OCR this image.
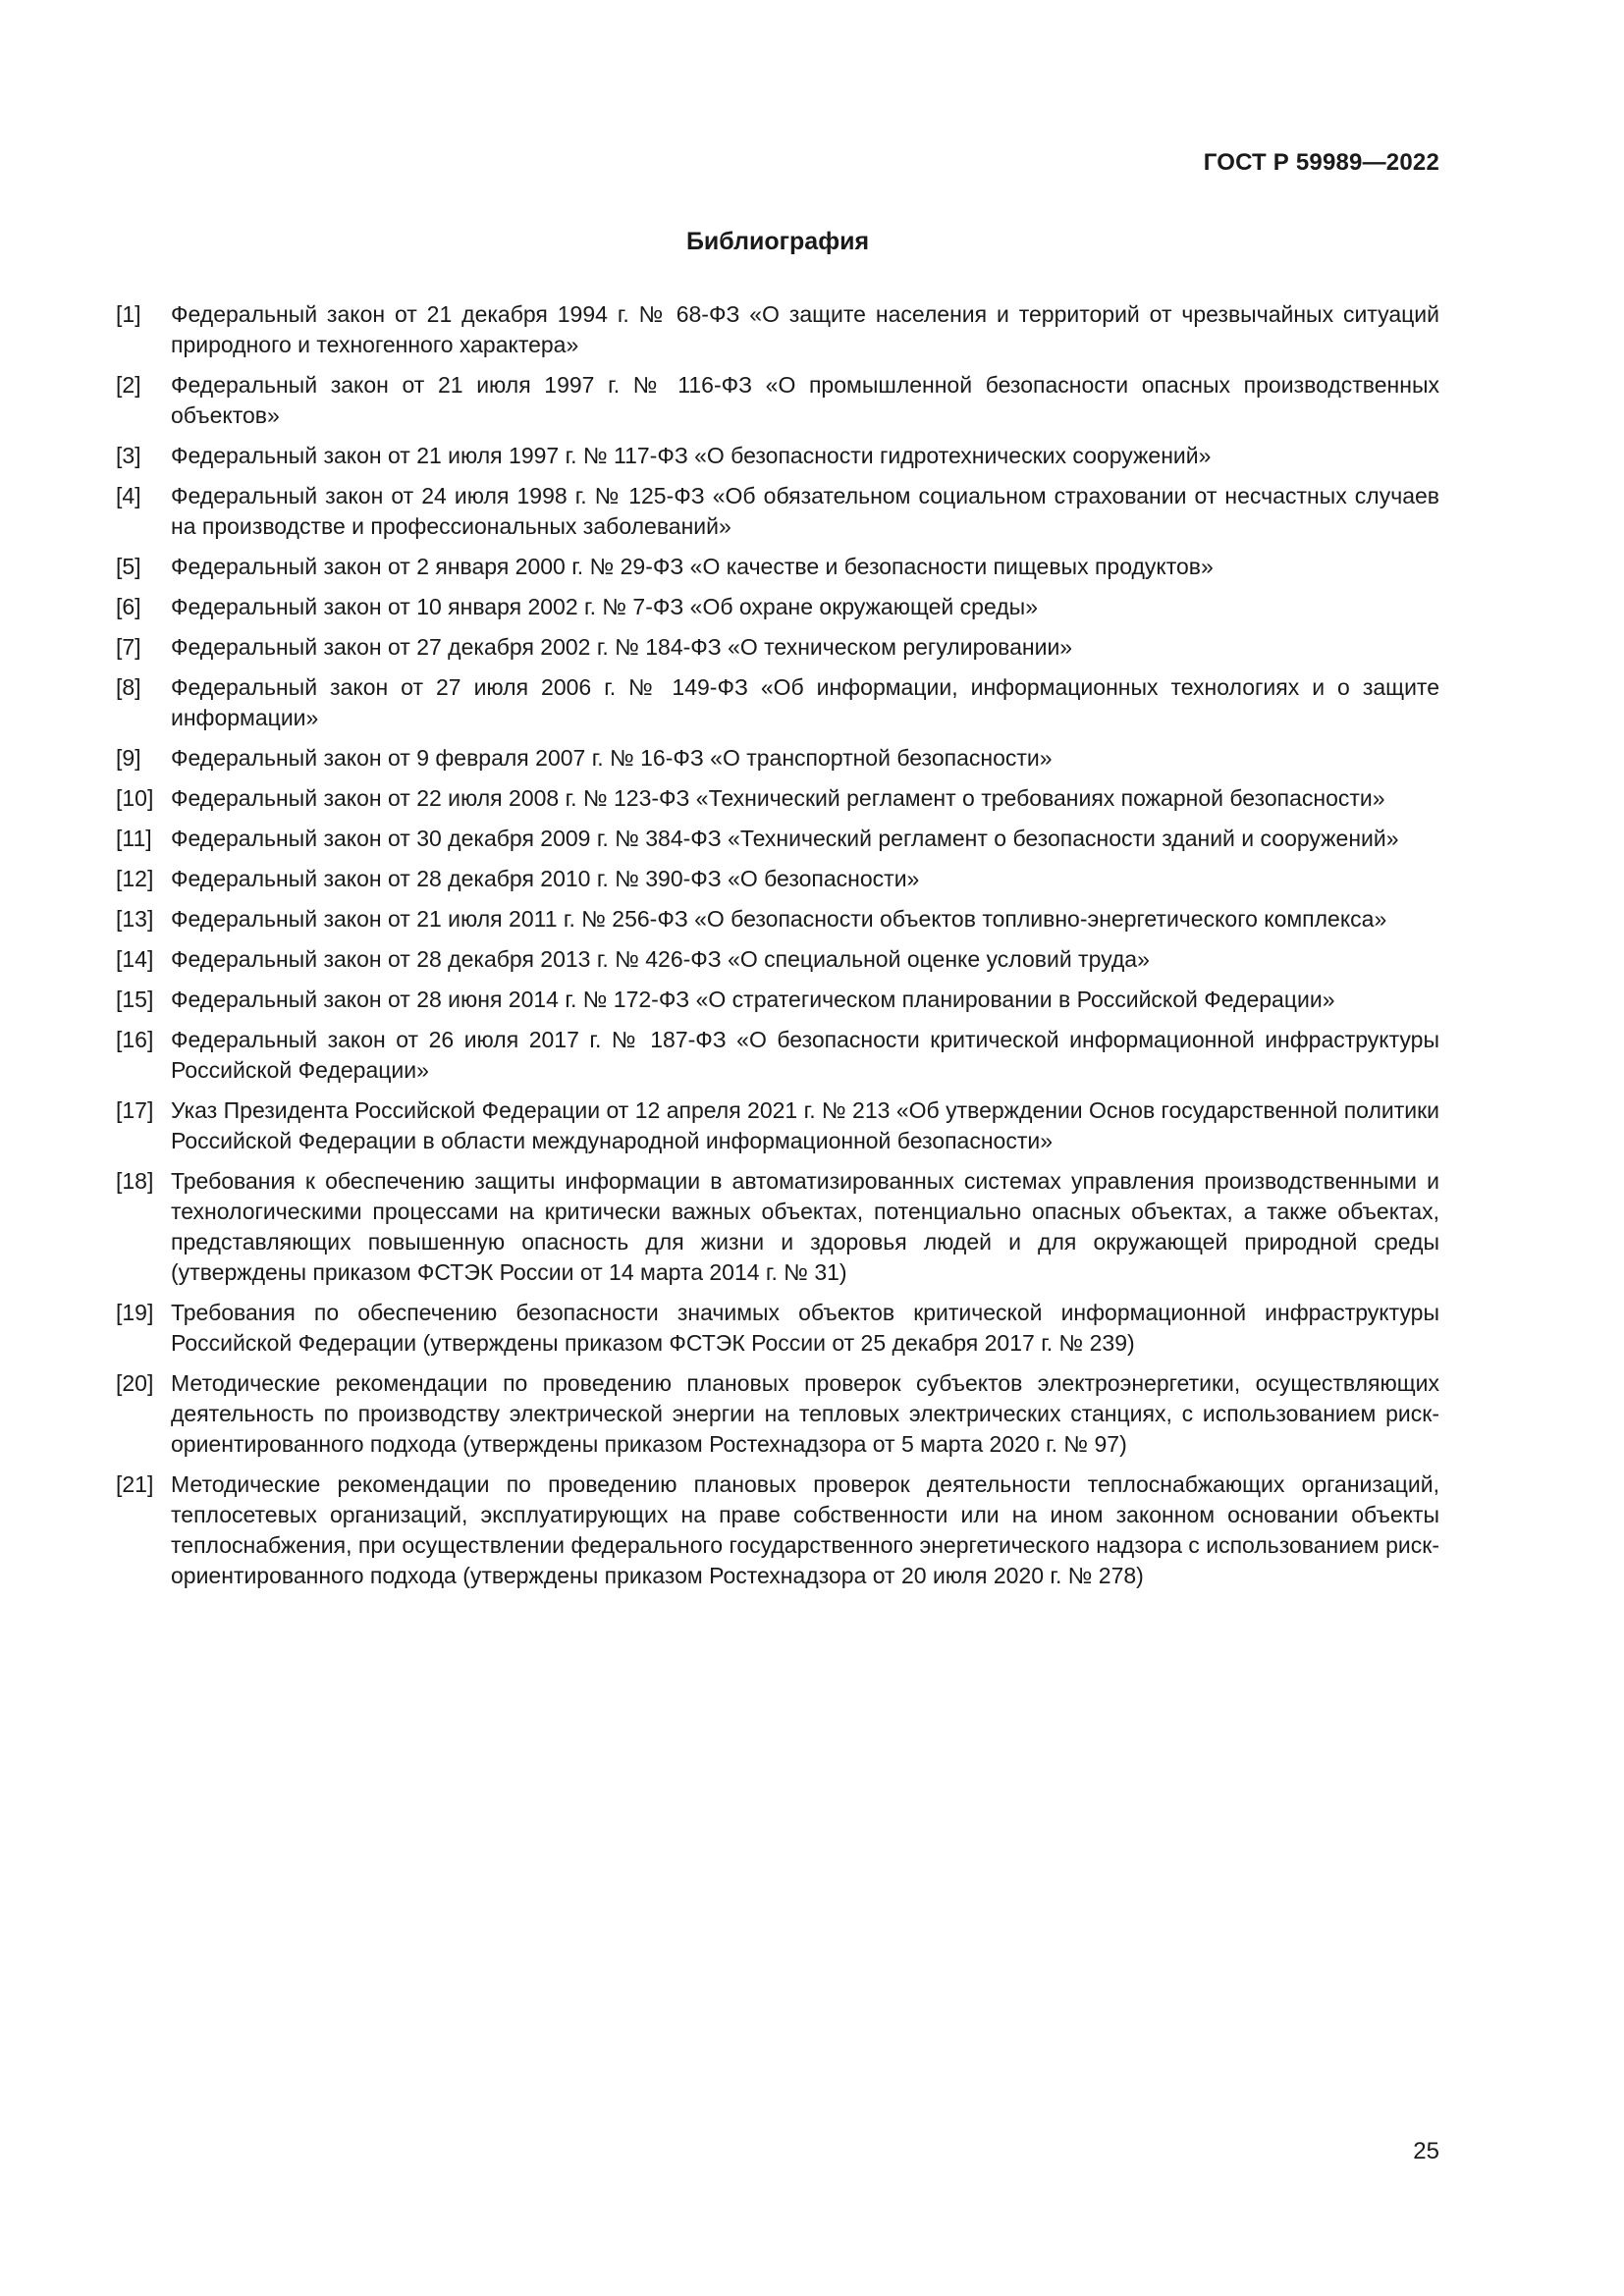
ГОСТ Р 59989—2022
Библиография
[1]	Федеральный закон от 21 декабря 1994 г. № 68-ФЗ «О защите населения и территорий от чрезвычайных ситуаций природного и техногенного характера»
[2]	Федеральный закон от 21 июля 1997 г. № 116-ФЗ «О промышленной безопасности опасных производственных объектов»
[3]	Федеральный закон от 21 июля 1997 г. № 117-ФЗ «О безопасности гидротехнических сооружений»
[4]	Федеральный закон от 24 июля 1998 г. № 125-ФЗ «Об обязательном социальном страховании от несчастных случаев на производстве и профессиональных заболеваний»
[5]	Федеральный закон от 2 января 2000 г. № 29-ФЗ «О качестве и безопасности пищевых продуктов»
[6]	Федеральный закон от 10 января 2002 г. № 7-ФЗ «Об охране окружающей среды»
[7]	Федеральный закон от 27 декабря 2002 г. № 184-ФЗ «О техническом регулировании»
[8]	Федеральный закон от 27 июля 2006 г. № 149-ФЗ «Об информации, информационных технологиях и о защите информации»
[9]	Федеральный закон от 9 февраля 2007 г. № 16-ФЗ «О транспортной безопасности»
[10] Федеральный закон от 22 июля 2008 г. № 123-ФЗ «Технический регламент о требованиях пожарной безопасности»
[11] Федеральный закон от 30 декабря 2009 г. № 384-ФЗ «Технический регламент о безопасности зданий и сооружений»
[12] Федеральный закон от 28 декабря 2010 г. № 390-ФЗ «О безопасности»
[13] Федеральный закон от 21 июля 2011 г. № 256-ФЗ «О безопасности объектов топливно-энергетического комплекса»
[14] Федеральный закон от 28 декабря 2013 г. № 426-ФЗ «О специальной оценке условий труда»
[15] Федеральный закон от 28 июня 2014 г. № 172-ФЗ «О стратегическом планировании в Российской Федерации»
[16] Федеральный закон от 26 июля 2017 г. № 187-ФЗ «О безопасности критической информационной инфраструктуры Российской Федерации»
[17] Указ Президента Российской Федерации от 12 апреля 2021 г. № 213 «Об утверждении Основ государственной политики Российской Федерации в области международной информационной безопасности»
[18] Требования к обеспечению защиты информации в автоматизированных системах управления производственными и технологическими процессами на критически важных объектах, потенциально опасных объектах, а также объектах, представляющих повышенную опасность для жизни и здоровья людей и для окружающей природной среды (утверждены приказом ФСТЭК России от 14 марта 2014 г. № 31)
[19] Требования по обеспечению безопасности значимых объектов критической информационной инфраструктуры Российской Федерации (утверждены приказом ФСТЭК России от 25 декабря 2017 г. № 239)
[20] Методические рекомендации по проведению плановых проверок субъектов электроэнергетики, осуществляющих деятельность по производству электрической энергии на тепловых электрических станциях, с использованием риск-ориентированного подхода (утверждены приказом Ростехнадзора от 5 марта 2020 г. № 97)
[21] Методические рекомендации по проведению плановых проверок деятельности теплоснабжающих организаций, теплосетевых организаций, эксплуатирующих на праве собственности или на ином законном основании объекты теплоснабжения, при осуществлении федерального государственного энергетического надзора с использованием риск-ориентированного подхода (утверждены приказом Ростехнадзора от 20 июля 2020 г. № 278)
25
